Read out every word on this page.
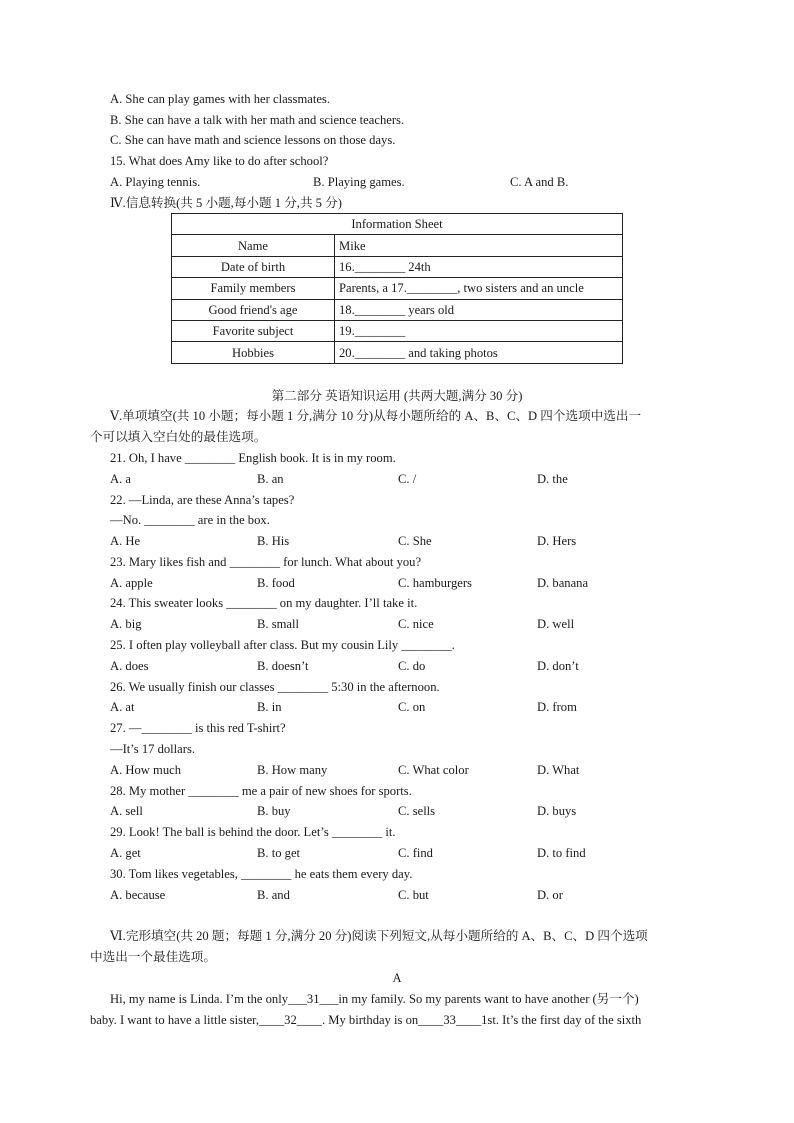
A. She can play games with her classmates.
B. She can have a talk with her math and science teachers.
C. She can have math and science lessons on those days.
15. What does Amy like to do after school?
A. Playing tennis.	B. Playing games.	C. A and B.
Ⅳ.信息转换(共 5 小题,每小题 1 分,共 5 分)
Information Sheet	
Name	Mike
Date of birth	16.________ 24th
Family members	Parents, a 17.________, two sisters and an uncle
Good friend's age	18.________ years old
Favorite subject	19.________
Hobbies	20.________ and taking photos
第二部分 英语知识运用 (共两大题,满分 30 分)
Ⅴ.单项填空(共 10 小题；每小题 1 分,满分 10 分)从每小题所给的 A、B、C、D 四个选项中选出一
个可以填入空白处的最佳选项。
21. Oh, I have ________ English book. It is in my room.
A. a	B. an	C. /	D. the
22. —Linda, are these Anna’s tapes?
—No. ________ are in the box.
A. He	B. His	C. She	D. Hers
23. Mary likes fish and ________ for lunch. What about you?
A. apple	B. food	C. hamburgers	D. banana
24. This sweater looks ________ on my daughter. I’ll take it.
A. big	B. small	C. nice	D. well
25. I often play volleyball after class. But my cousin Lily ________.
A. does	B. doesn’t	C. do	D. don’t
26. We usually finish our classes ________ 5:30 in the afternoon.
A. at	B. in	C. on	D. from
27. —________ is this red T-shirt?
—It’s 17 dollars.
A. How much	B. How many	C. What color	D. What
28. My mother ________ me a pair of new shoes for sports.
A. sell	B. buy	C. sells	D. buys
29. Look! The ball is behind the door. Let’s ________ it.
A. get	B. to get	C. find	D. to find
30. Tom likes vegetables, ________ he eats them every day.
A. because	B. and	C. but	D. or
Ⅵ.完形填空(共 20 题；每题 1 分,满分 20 分)阅读下列短文,从每小题所给的 A、B、C、D 四个选项
中选出一个最佳选项。
A
Hi, my name is Linda. I’m the only___31___in my family. So my parents want to have another (另一个)
baby. I want to have a little sister,____32____. My birthday is on____33____1st. It’s the first day of the sixth
